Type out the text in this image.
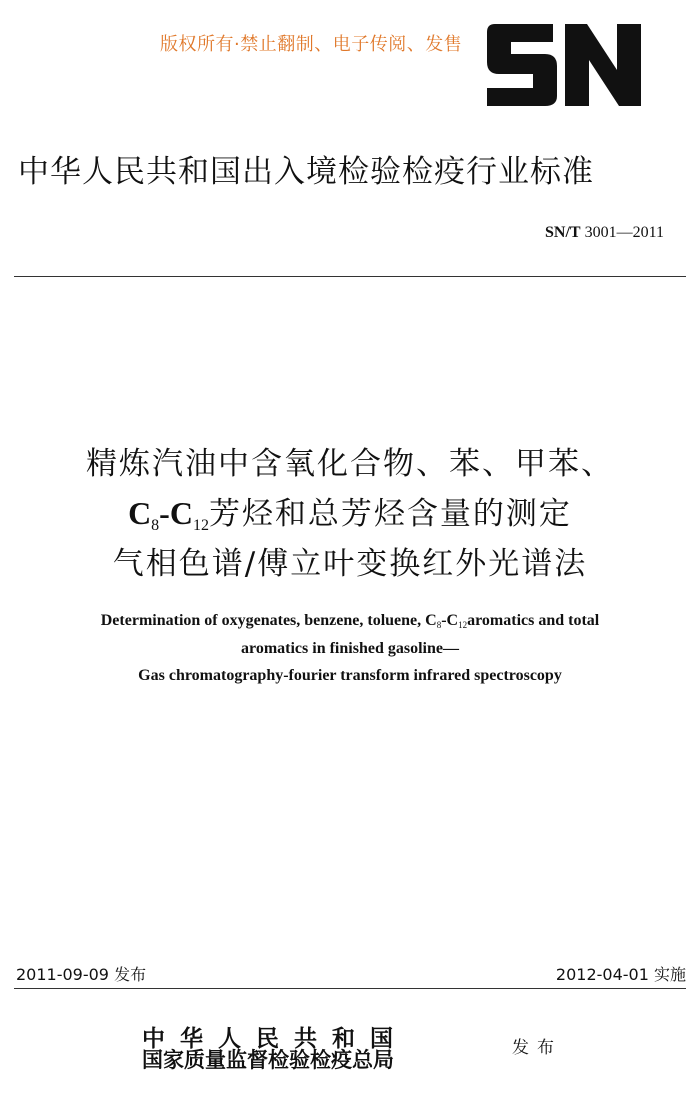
版权所有·禁止翻制、电子传阅、发售
中华人民共和国出入境检验检疫行业标准
SN/T 3001—2011
精炼汽油中含氧化合物、苯、甲苯、
C8-C12芳烃和总芳烃含量的测定
气相色谱/傅立叶变换红外光谱法
Determination of oxygenates, benzene, toluene, C8-C12aromatics and total
aromatics in finished gasoline—
Gas chromatography-fourier transform infrared spectroscopy
2011-09-09 发布	2012-04-01 实施
中华人民共和国
国家质量监督检验检疫总局	发布
